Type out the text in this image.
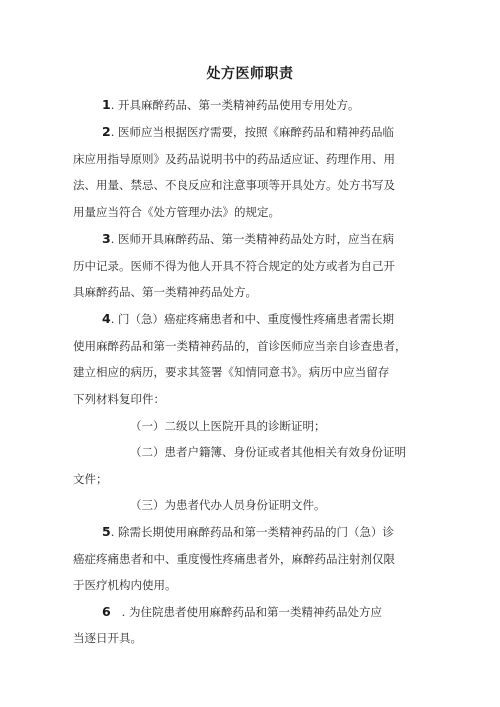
处方医师职责
1. 开具麻醉药品、第一类精神药品使用专用处方。
2. 医师应当根据医疗需要，按照《麻醉药品和精神药品临
床应用指导原则》及药品说明书中的药品适应证、药理作用、用
法、用量、禁忌、不良反应和注意事项等开具处方。处方书写及
用量应当符合《处方管理办法》的规定。
3. 医师开具麻醉药品、第一类精神药品处方时，应当在病
历中记录。医师不得为他人开具不符合规定的处方或者为自己开
具麻醉药品、第一类精神药品处方。
4. 门（急）癌症疼痛患者和中、重度慢性疼痛患者需长期
使用麻醉药品和第一类精神药品的，首诊医师应当亲自诊查患者，
建立相应的病历，要求其签署《知情同意书》。病历中应当留存
下列材料复印件：
（一）二级以上医院开具的诊断证明；
（二）患者户籍簿、身份证或者其他相关有效身份证明
文件；
（三）为患者代办人员身份证明文件。
5. 除需长期使用麻醉药品和第一类精神药品的门（急）诊
癌症疼痛患者和中、重度慢性疼痛患者外，麻醉药品注射剂仅限
于医疗机构内使用。
6   . 为住院患者使用麻醉药品和第一类精神药品处方应
当逐日开具。
